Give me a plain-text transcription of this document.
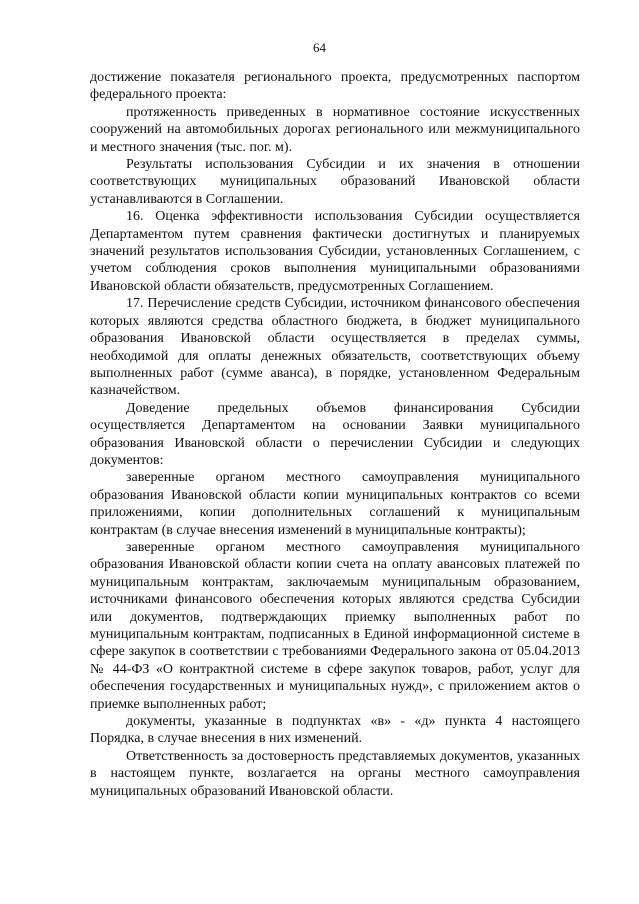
64

достижение показателя регионального проекта, предусмотренных паспортом федерального проекта:

протяженность приведенных в нормативное состояние искусственных сооружений на автомобильных дорогах регионального или межмуниципального и местного значения (тыс. пог. м).

Результаты использования Субсидии и их значения в отношении соответствующих муниципальных образований Ивановской области устанавливаются в Соглашении.

16. Оценка эффективности использования Субсидии осуществляется Департаментом путем сравнения фактически достигнутых и планируемых значений результатов использования Субсидии, установленных Соглашением, с учетом соблюдения сроков выполнения муниципальными образованиями Ивановской области обязательств, предусмотренных Соглашением.

17. Перечисление средств Субсидии, источником финансового обеспечения которых являются средства областного бюджета, в бюджет муниципального образования Ивановской области осуществляется в пределах суммы, необходимой для оплаты денежных обязательств, соответствующих объему выполненных работ (сумме аванса), в порядке, установленном Федеральным казначейством.

Доведение предельных объемов финансирования Субсидии осуществляется Департаментом на основании Заявки муниципального образования Ивановской области о перечислении Субсидии и следующих документов:

заверенные органом местного самоуправления муниципального образования Ивановской области копии муниципальных контрактов со всеми приложениями, копии дополнительных соглашений к муниципальным контрактам (в случае внесения изменений в муниципальные контракты);

заверенные органом местного самоуправления муниципального образования Ивановской области копии счета на оплату авансовых платежей по муниципальным контрактам, заключаемым муниципальным образованием, источниками финансового обеспечения которых являются средства Субсидии или документов, подтверждающих приемку выполненных работ по муниципальным контрактам, подписанных в Единой информационной системе в сфере закупок в соответствии с требованиями Федерального закона от 05.04.2013 № 44-ФЗ «О контрактной системе в сфере закупок товаров, работ, услуг для обеспечения государственных и муниципальных нужд», с приложением актов о приемке выполненных работ;

документы, указанные в подпунктах «в» - «д» пункта 4 настоящего Порядка, в случае внесения в них изменений.

Ответственность за достоверность представляемых документов, указанных в настоящем пункте, возлагается на органы местного самоуправления муниципальных образований Ивановской области.
